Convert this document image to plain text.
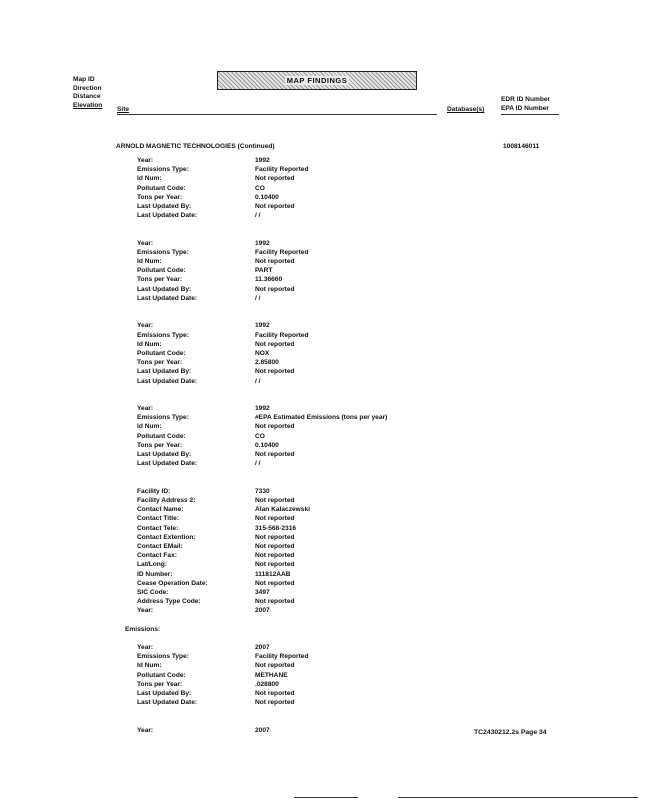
Map ID
Direction
Distance
Elevation
MAP FINDINGS
Site	Database(s)
EDR ID Number
EPA ID Number
ARNOLD MAGNETIC TECHNOLOGIES (Continued)	1008146011
Year:	1992
Emissions Type:	Facility Reported
Id Num:	Not reported
Pollutant Code:	CO
Tons per Year:	0.10400
Last Updated By:	Not reported
Last Updated Date:	/ /
Year:	1992
Emissions Type:	Facility Reported
Id Num:	Not reported
Pollutant Code:	PART
Tons per Year:	11.36660
Last Updated By:	Not reported
Last Updated Date:	/ /
Year:	1992
Emissions Type:	Facility Reported
Id Num:	Not reported
Pollutant Code:	NOX
Tons per Year:	2.85800
Last Updated By:	Not reported
Last Updated Date:	/ /
Year:	1992
Emissions Type:	#EPA Estimated Emissions (tons per year)
Id Num:	Not reported
Pollutant Code:	CO
Tons per Year:	0.10400
Last Updated By:	Not reported
Last Updated Date:	/ /
Facility ID:	7330
Facility Address 2:	Not reported
Contact Name:	Alan Kalaczewski
Contact Title:	Not reported
Contact Tele:	315-568-2316
Contact Extention:	Not reported
Contact EMail:	Not reported
Contact Fax:	Not reported
Lat/Long:	Not reported
ID Number:	111812AAB
Cease Operation Date:	Not reported
SIC Code:	3497
Address Type Code:	Not reported
Year:	2007
Emissions:
Year:	2007
Emissions Type:	Facility Reported
Id Num:	Not reported
Pollutant Code:	METHANE
Tons per Year:	.028800
Last Updated By:	Not reported
Last Updated Date:	Not reported
Year:	2007	TC2430212.2s Page 34
